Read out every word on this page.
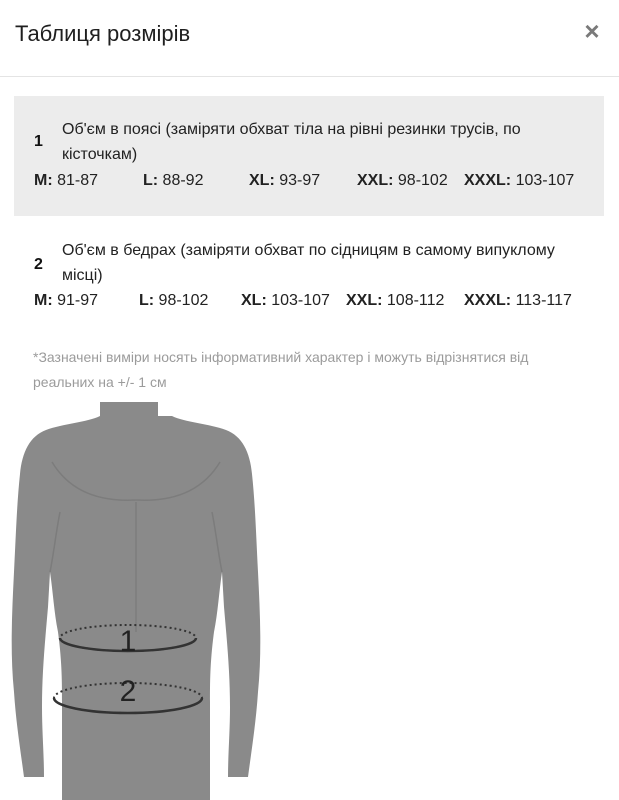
Таблиця розмірів	×
1
Об'єм в поясі (заміряти обхват тіла на рівні резинки трусів, по кісточкам)
M: 81-87	L: 88-92	XL: 93-97 XXL: 98-102 XXXL: 103-107
2
Об'єм в бедрах (заміряти обхват по сідницям в самому випуклому місці)
M: 91-97	L: 98-102 XL: 103-107 XXL: 108-112 XXXL: 113-117
*Зазначені виміри носять інформативний характер і можуть відрізнятися від реальних на +/- 1 см
1
2
